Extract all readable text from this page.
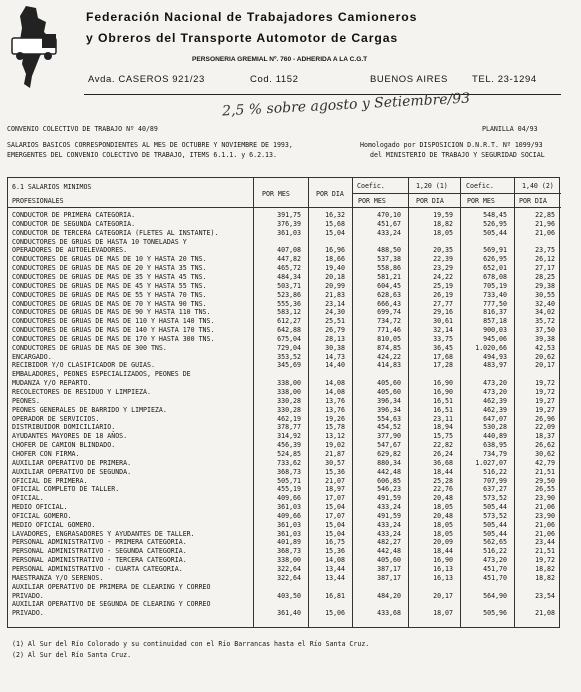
Federación Nacional de Trabajadores Camioneros
y Obreros del Transporte Automotor de Cargas
PERSONERIA GREMIAL Nº. 760 - ADHERIDA A LA C.G.T
Avda. CASEROS 921/23	Cod. 1152	BUENOS AIRES	TEL. 23-1294
2,5 % sobre agosto y Setiembre/93
CONVENIO COLECTIVO DE TRABAJO Nº 40/89	PLANILLA 04/93
SALARIOS BASICOS CORRESPONDIENTES AL MES DE OCTUBRE Y NOVIEMBRE DE 1993,
EMERGENTES DEL CONVENIO COLECTIVO DE TRABAJO, ITEMS 6.1.1. y 6.2.13.
Homologado por DISPOSICION D.N.R.T. Nº 1099/93
del MINISTERIO DE TRABAJO Y SEGURIDAD SOCIAL
6.1 SALARIOS MINIMOS
PROFESIONALES
POR MES	POR DIA
Coefic.	1,20 (1)	Coefic.	1,40 (2)
POR MES	POR DIA	POR MES	POR DIA
CONDUCTOR DE PRIMERA CATEGORIA.	391,75	16,32	470,10	19,59	548,45	22,85
CONDUCTOR DE SEGUNDA CATEGORIA.	376,39	15,68	451,67	18,82	526,95	21,96
CONDUCTOR DE TERCERA CATEGORIA (FLETES AL INSTANTE).	361,03	15,04	433,24	18,05	505,44	21,06
CONDUCTORES DE GRUAS DE HASTA 10 TONELADAS Y
OPERADORES DE AUTOELEVADORES.	407,08	16,96	488,50	20,35	569,91	23,75
CONDUCTORES DE GRUAS DE MAS DE 10 Y HASTA 20 TNS.	447,82	18,66	537,38	22,39	626,95	26,12
CONDUCTORES DE GRUAS DE MAS DE 20 Y HASTA 35 TNS.	465,72	19,40	558,86	23,29	652,01	27,17
CONDUCTORES DE GRUAS DE MAS DE 35 Y HASTA 45 TNS.	484,34	20,18	581,21	24,22	678,08	28,25
CONDUCTORES DE GRUAS DE MAS DE 45 Y HASTA 55 TNS.	503,71	20,99	604,45	25,19	705,19	29,38
CONDUCTORES DE GRUAS DE MAS DE 55 Y HASTA 70 TNS.	523,86	21,83	628,63	26,19	733,40	30,55
CONDUCTORES DE GRUAS DE MAS DE 70 Y HASTA 90 TNS.	555,36	23,14	666,43	27,77	777,50	32,40
CONDUCTORES DE GRUAS DE MAS DE 90 Y HASTA 110 TNS.	583,12	24,30	699,74	29,16	816,37	34,02
CONDUCTORES DE GRUAS DE MAS DE 110 Y HASTA 140 TNS.	612,27	25,51	734,72	30,61	857,18	35,72
CONDUCTORES DE GRUAS DE MAS DE 140 Y HASTA 170 TNS.	642,88	26,79	771,46	32,14	900,03	37,50
CONDUCTORES DE GRUAS DE MAS DE 170 Y HASTA 300 TNS.	675,04	28,13	810,05	33,75	945,06	39,38
CONDUCTORES DE GRUAS DE MAS DE 300 TNS.	729,04	30,38	874,85	36,45	1.020,66	42,53
ENCARGADO.	353,52	14,73	424,22	17,68	494,93	20,62
RECIBIDOR Y/O CLASIFICADOR DE GUIAS.	345,69	14,40	414,83	17,28	483,97	20,17
EMBALADORES, PEONES ESPECIALIZADOS, PEONES DE
MUDANZA Y/O REPARTO.	338,00	14,08	405,60	16,90	473,20	19,72
RECOLECTORES DE RESIDUO Y LIMPIEZA.	338,00	14,08	405,60	16,90	473,20	19,72
PEONES.	330,28	13,76	396,34	16,51	462,39	19,27
PEONES GENERALES DE BARRIDO Y LIMPIEZA.	330,28	13,76	396,34	16,51	462,39	19,27
OPERADOR DE SERVICIOS.	462,19	19,26	554,63	23,11	647,07	26,96
DISTRIBUIDOR DOMICILIARIO.	378,77	15,78	454,52	18,94	530,28	22,09
AYUDANTES MAYORES DE 18 AÑOS.	314,92	13,12	377,90	15,75	440,89	18,37
CHOFER DE CAMION BLINDADO.	456,39	19,02	547,67	22,82	638,95	26,62
CHOFER CON FIRMA.	524,85	21,87	629,82	26,24	734,79	30,62
AUXILIAR OPERATIVO DE PRIMERA.	733,62	30,57	880,34	36,68	1.027,07	42,79
AUXILIAR OPERATIVO DE SEGUNDA.	368,73	15,36	442,48	18,44	516,22	21,51
OFICIAL DE PRIMERA.	505,71	21,07	606,85	25,28	707,99	29,50
OFICIAL COMPLETO DE TALLER.	455,19	18,97	546,23	22,76	637,27	26,55
OFICIAL.	409,66	17,07	491,59	20,48	573,52	23,90
MEDIO OFICIAL.	361,03	15,04	433,24	18,05	505,44	21,06
OFICIAL GOMERO.	409,66	17,07	491,59	20,48	573,52	23,90
MEDIO OFICIAL GOMERO.	361,03	15,04	433,24	18,05	505,44	21,06
LAVADORES, ENGRASADORES Y AYUDANTES DE TALLER.	361,03	15,04	433,24	18,05	505,44	21,06
PERSONAL ADMINISTRATIVO - PRIMERA CATEGORIA.	401,89	16,75	482,27	20,09	562,65	23,44
PERSONAL ADMINISTRATIVO - SEGUNDA CATEGORIA.	368,73	15,36	442,48	18,44	516,22	21,51
PERSONAL ADMINISTRATIVO - TERCERA CATEGORIA.	338,00	14,08	405,60	16,90	473,20	19,72
PERSONAL ADMINISTRATIVO - CUARTA CATEGORIA.	322,64	13,44	387,17	16,13	451,70	18,82
MAESTRANZA Y/O SERENOS.	322,64	13,44	387,17	16,13	451,70	18,82
AUXILIAR OPERATIVO DE PRIMERA DE CLEARING Y CORREO
PRIVADO.	403,50	16,81	484,20	20,17	564,90	23,54
AUXILIAR OPERATIVO DE SEGUNDA DE CLEARING Y CORREO
PRIVADO.	361,40	15,06	433,68	18,07	505,96	21,08
(1) Al Sur del Río Colorado y su continuidad con el Río Barrancas hasta el Río Santa Cruz.
(2) Al Sur del Río Santa Cruz.
